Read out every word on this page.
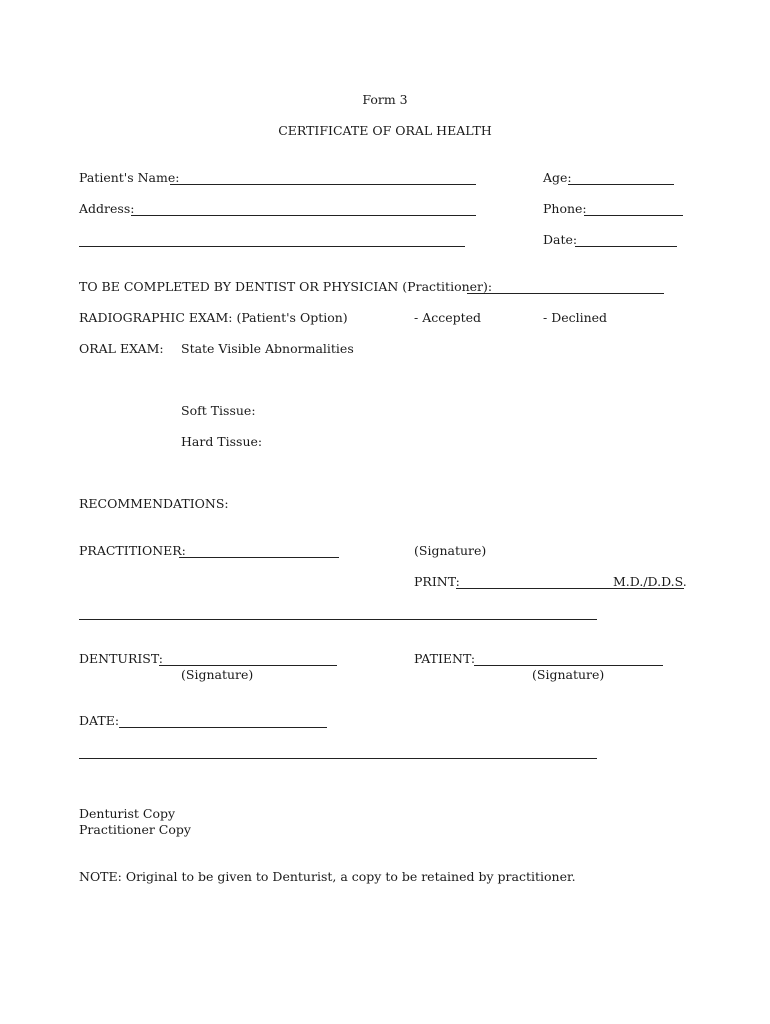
Form 3
CERTIFICATE OF ORAL HEALTH
Patient's Name:	Age:
Address:	Phone:
Date:
TO BE COMPLETED BY DENTIST OR PHYSICIAN (Practitioner):
RADIOGRAPHIC EXAM: (Patient's Option)	- Accepted	- Declined
ORAL EXAM: State Visible Abnormalities
Soft Tissue:
Hard Tissue:
RECOMMENDATIONS:
PRACTITIONER:	(Signature)
PRINT:	M.D./D.D.S.
DENTURIST:
(Signature)
PATIENT:
(Signature)
DATE:
Denturist Copy
Practitioner Copy
NOTE: Original to be given to Denturist, a copy to be retained by practitioner.
